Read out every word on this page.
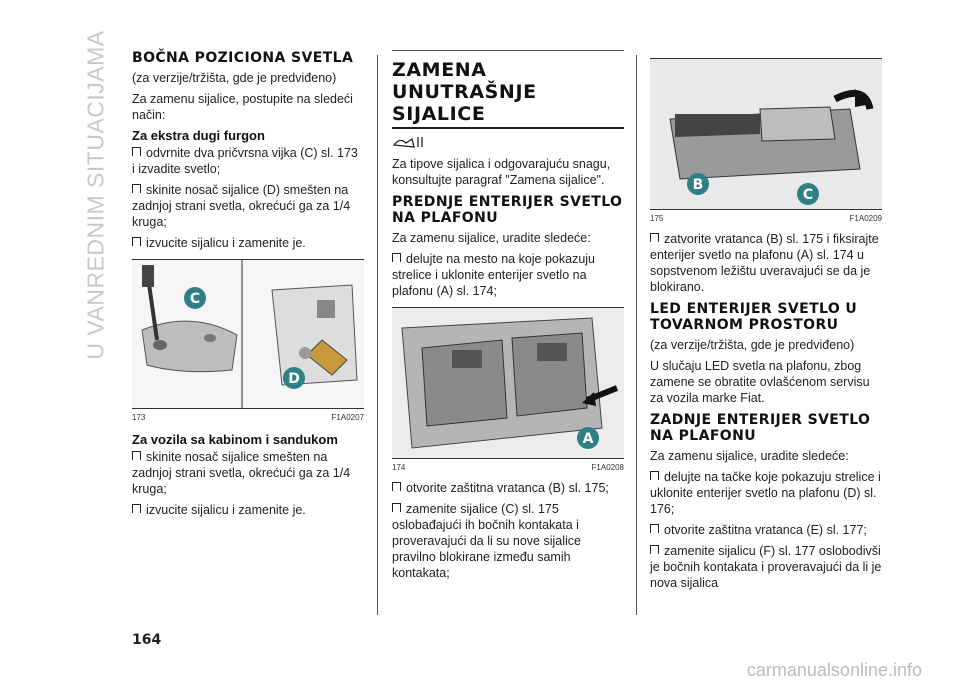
U VANREDNIM SITUACIJAMA BOČNA POZICIONA SVETLA

(za verzije/tržišta, gde je predviđeno)

Za zamenu sijalice, postupite na sledeći način:

Za ekstra dugi furgon

odvrnite dva pričvrsna vijka (C) sl. 173 i izvadite svetlo;

skinite nosač sijalice (D) smešten na zadnjoj strani svetla, okrećući ga za 1/4 kruga;

izvucite sijalicu i zamenite je.

C
D
173	F1A0207
Za vozila sa kabinom i sandukom

skinite nosač sijalice smešten na zadnjoj strani svetla, okrećući ga za 1/4 kruga;

izvucite sijalicu i zamenite je.

ZAMENA
UNUTRAŠNJE
SIJALICE

Za tipove sijalica i odgovarajuću snagu, konsultujte paragraf "Zamena sijalice".

PREDNJE ENTERIJER SVETLO NA PLAFONU

Za zamenu sijalice, uradite sledeće:

delujte na mesto na koje pokazuju strelice i uklonite enterijer svetlo na plafonu (A) sl. 174;

A
174	F1A0208

otvorite zaštitna vratanca (B) sl. 175;

zamenite sijalice (C) sl. 175 oslobađajući ih bočnih kontakata i proveravajući da li su nove sijalice pravilno blokirane između samih kontakata;

B
C
175	F1A0209

zatvorite vratanca (B) sl. 175 i fiksirajte enterijer svetlo na plafonu (A) sl. 174 u sopstvenom ležištu uveravajući se da je blokirano.

LED ENTERIJER SVETLO U TOVARNOM PROSTORU

(za verzije/tržišta, gde je predviđeno)

U slučaju LED svetla na plafonu, zbog zamene se obratite ovlašćenom servisu za vozila marke Fiat.

ZADNJE ENTERIJER SVETLO NA PLAFONU

Za zamenu sijalice, uradite sledeće:

delujte na tačke koje pokazuju strelice i uklonite enterijer svetlo na plafonu (D) sl. 176;

otvorite zaštitna vratanca (E) sl. 177;

zamenite sijalicu (F) sl. 177 oslobodivši je bočnih kontakata i proveravajući da li je nova sijalica

164
carmanualsonline.info
